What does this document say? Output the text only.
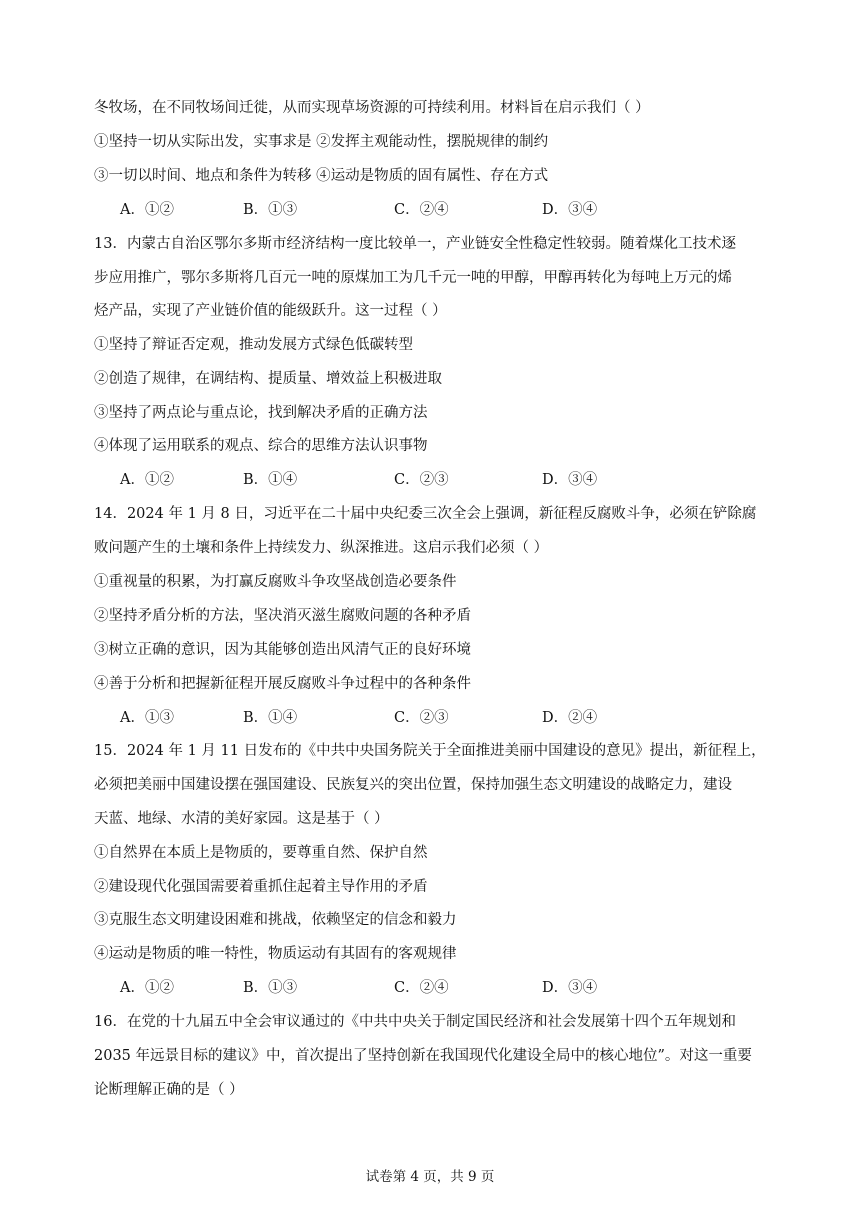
冬牧场，在不同牧场间迁徙，从而实现草场资源的可持续利用。材料旨在启示我们（ ）
①坚持一切从实际出发，实事求是 ②发挥主观能动性，摆脱规律的制约
③一切以时间、地点和条件为转移 ④运动是物质的固有属性、存在方式
A．①②	B．①③	C．②④	D．③④
13．内蒙古自治区鄂尔多斯市经济结构一度比较单一，产业链安全性稳定性较弱。随着煤化工技术逐
步应用推广，鄂尔多斯将几百元一吨的原煤加工为几千元一吨的甲醇，甲醇再转化为每吨上万元的烯
烃产品，实现了产业链价值的能级跃升。这一过程（ ）
①坚持了辩证否定观，推动发展方式绿色低碳转型
②创造了规律，在调结构、提质量、增效益上积极进取
③坚持了两点论与重点论，找到解决矛盾的正确方法
④体现了运用联系的观点、综合的思维方法认识事物
A．①②	B．①④	C．②③	D．③④
14．2024 年 1 月 8 日，习近平在二十届中央纪委三次全会上强调，新征程反腐败斗争，必须在铲除腐
败问题产生的土壤和条件上持续发力、纵深推进。这启示我们必须（ ）
①重视量的积累，为打赢反腐败斗争攻坚战创造必要条件
②坚持矛盾分析的方法，坚决消灭滋生腐败问题的各种矛盾
③树立正确的意识，因为其能够创造出风清气正的良好环境
④善于分析和把握新征程开展反腐败斗争过程中的各种条件
A．①③	B．①④	C．②③	D．②④
15．2024 年 1 月 11 日发布的《中共中央国务院关于全面推进美丽中国建设的意见》提出，新征程上，
必须把美丽中国建设摆在强国建设、民族复兴的突出位置，保持加强生态文明建设的战略定力，建设
天蓝、地绿、水清的美好家园。这是基于（ ）
①自然界在本质上是物质的，要尊重自然、保护自然
②建设现代化强国需要着重抓住起着主导作用的矛盾
③克服生态文明建设困难和挑战，依赖坚定的信念和毅力
④运动是物质的唯一特性，物质运动有其固有的客观规律
A．①②	B．①③	C．②④	D．③④
16．在党的十九届五中全会审议通过的《中共中央关于制定国民经济和社会发展第十四个五年规划和
2035 年远景目标的建议》中，首次提出了坚持创新在我国现代化建设全局中的核心地位”。对这一重要
论断理解正确的是（ ）
试卷第 4 页，共 9 页
